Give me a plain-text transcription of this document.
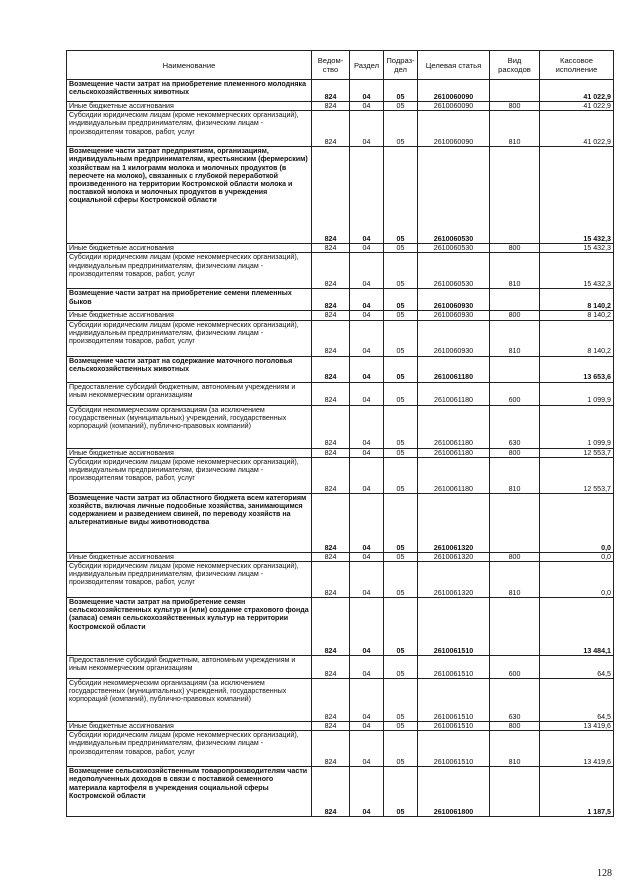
Наименование	Ведом-ство	Раздел	Подраз-дел	Целевая статья	Вид расходов	Кассовое исполнение
Возмещение части затрат на приобретение племенного молодняка сельскохозяйственных животных	824	04	05	2610060090		41 022,9
Иные бюджетные ассигнования	824	04	05	2610060090	800	41 022,9
Субсидии юридическим лицам (кроме некоммерческих организаций), индивидуальным предпринимателям, физическим лицам - производителям товаров, работ, услуг	824	04	05	2610060090	810	41 022,9
Возмещение части затрат предприятиям, организациям, индивидуальным предпринимателям, крестьянским (фермерским) хозяйствам на 1 килограмм молока и молочных продуктов (в пересчете на молоко), связанных с глубокой переработкой произведенного на территории Костромской области молока и поставкой молока и молочных продуктов в учреждения социальной сферы Костромской области	824	04	05	2610060530		15 432,3
Иные бюджетные ассигнования	824	04	05	2610060530	800	15 432,3
Субсидии юридическим лицам (кроме некоммерческих организаций), индивидуальным предпринимателям, физическим лицам - производителям товаров, работ, услуг	824	04	05	2610060530	810	15 432,3
Возмещение части затрат на приобретение семени племенных быков	824	04	05	2610060930		8 140,2
Иные бюджетные ассигнования	824	04	05	2610060930	800	8 140,2
Субсидии юридическим лицам (кроме некоммерческих организаций), индивидуальным предпринимателям, физическим лицам - производителям товаров, работ, услуг	824	04	05	2610060930	810	8 140,2
Возмещение части затрат на содержание маточного поголовья сельскохозяйственных животных	824	04	05	2610061180		13 653,6
Предоставление субсидий бюджетным, автономным учреждениям и иным некоммерческим организациям	824	04	05	2610061180	600	1 099,9
Субсидии некоммерческим организациям (за исключением государственных (муниципальных) учреждений, государственных корпораций (компаний), публично-правовых компаний)	824	04	05	2610061180	630	1 099,9
Иные бюджетные ассигнования	824	04	05	2610061180	800	12 553,7
Субсидии юридическим лицам (кроме некоммерческих организаций), индивидуальным предпринимателям, физическим лицам - производителям товаров, работ, услуг	824	04	05	2610061180	810	12 553,7
Возмещение части затрат из областного бюджета всем категориям хозяйств, включая личные подсобные хозяйства, занимающимся содержанием и разведением свиней, по переводу хозяйств на альтернативные виды животноводства	824	04	05	2610061320		0,0
Иные бюджетные ассигнования	824	04	05	2610061320	800	0,0
Субсидии юридическим лицам (кроме некоммерческих организаций), индивидуальным предпринимателям, физическим лицам - производителям товаров, работ, услуг	824	04	05	2610061320	810	0,0
Возмещение части затрат на приобретение семян сельскохозяйственных культур и (или) создание страхового фонда (запаса) семян сельскохозяйственных культур на территории Костромской области	824	04	05	2610061510		13 484,1
Предоставление субсидий бюджетным, автономным учреждениям и иным некоммерческим организациям	824	04	05	2610061510	600	64,5
Субсидии некоммерческим организациям (за исключением государственных (муниципальных) учреждений, государственных корпораций (компаний), публично-правовых компаний)	824	04	05	2610061510	630	64,5
Иные бюджетные ассигнования	824	04	05	2610061510	800	13 419,6
Субсидии юридическим лицам (кроме некоммерческих организаций), индивидуальным предпринимателям, физическим лицам - производителям товаров, работ, услуг	824	04	05	2610061510	810	13 419,6
Возмещение сельскохозяйственным товаропроизводителям части недополученных доходов в связи с поставкой семенного материала картофеля в учреждения социальной сферы Костромской области	824	04	05	2610061800		1 187,5
128
